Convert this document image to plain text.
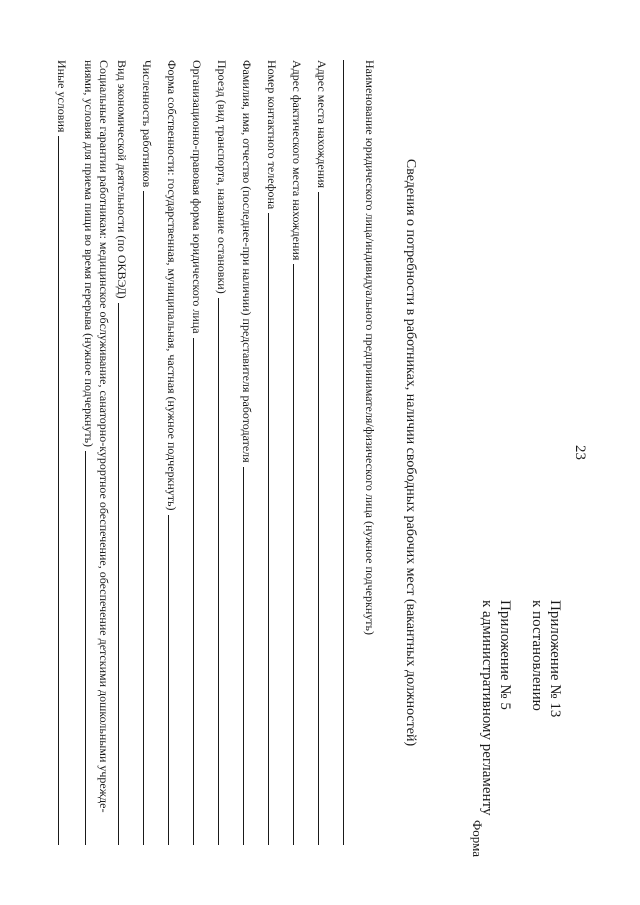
23
Приложение № 13
к постановлению
Приложение № 5
к административному регламенту
Форма
Сведения о потребности в работниках, наличии свободных рабочих мест (вакантных должностей)
Наименование юридического лица/индивидуального предпринимателя/физического лица (нужное подчеркнуть)
Адрес места нахождения
Адрес фактического места нахождения
Номер контактного телефона
Фамилия, имя, отчество (последнее-при наличии) представителя работодателя
Проезд (вид транспорта, название остановки)
Организационно-правовая форма юридического лица
Форма собственности: государственная, муниципальная, частная (нужное подчеркнуть)
Численность работников
Вид экономической деятельности (по ОКВЭД)
Социальные гарантии работникам: медицинское обслуживание, санаторно-курортное обеспечение, обеспечение детскими дошкольными учрежде-
ниями, условия для приема пищи во время перерыва (нужное подчеркнуть)
Иные условия
